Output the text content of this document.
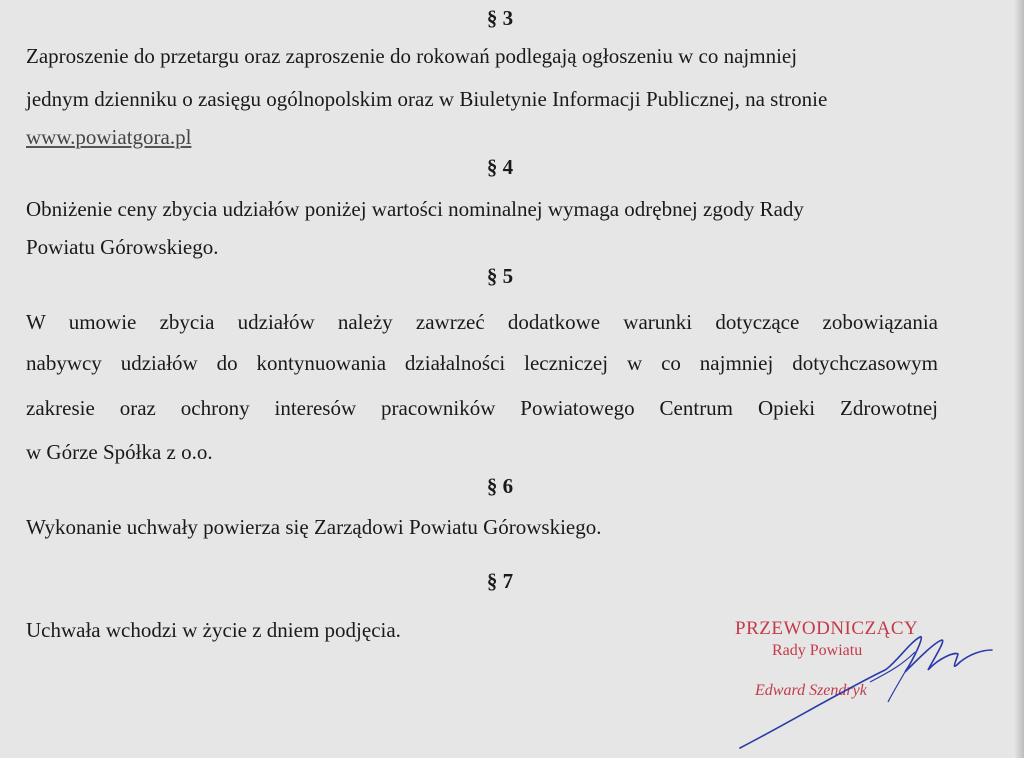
§ 3
Zaproszenie do przetargu oraz zaproszenie do rokowań podlegają ogłoszeniu w co najmniej
jednym dzienniku o zasięgu ogólnopolskim oraz w Biuletynie Informacji Publicznej, na stronie
www.powiatgora.pl
§ 4
Obniżenie ceny zbycia udziałów poniżej wartości nominalnej wymaga odrębnej zgody Rady
Powiatu Górowskiego.
§ 5
W umowie zbycia udziałów należy zawrzeć dodatkowe warunki dotyczące zobowiązania
nabywcy udziałów do kontynuowania działalności leczniczej w co najmniej dotychczasowym
zakresie oraz ochrony interesów pracowników Powiatowego Centrum Opieki Zdrowotnej
w Górze Spółka z o.o.
§ 6
Wykonanie uchwały powierza się Zarządowi Powiatu Górowskiego.
§ 7
Uchwała wchodzi w życie z dniem podjęcia.	PRZEWODNICZĄCY
Rady Powiatu
Edward Szendryk
